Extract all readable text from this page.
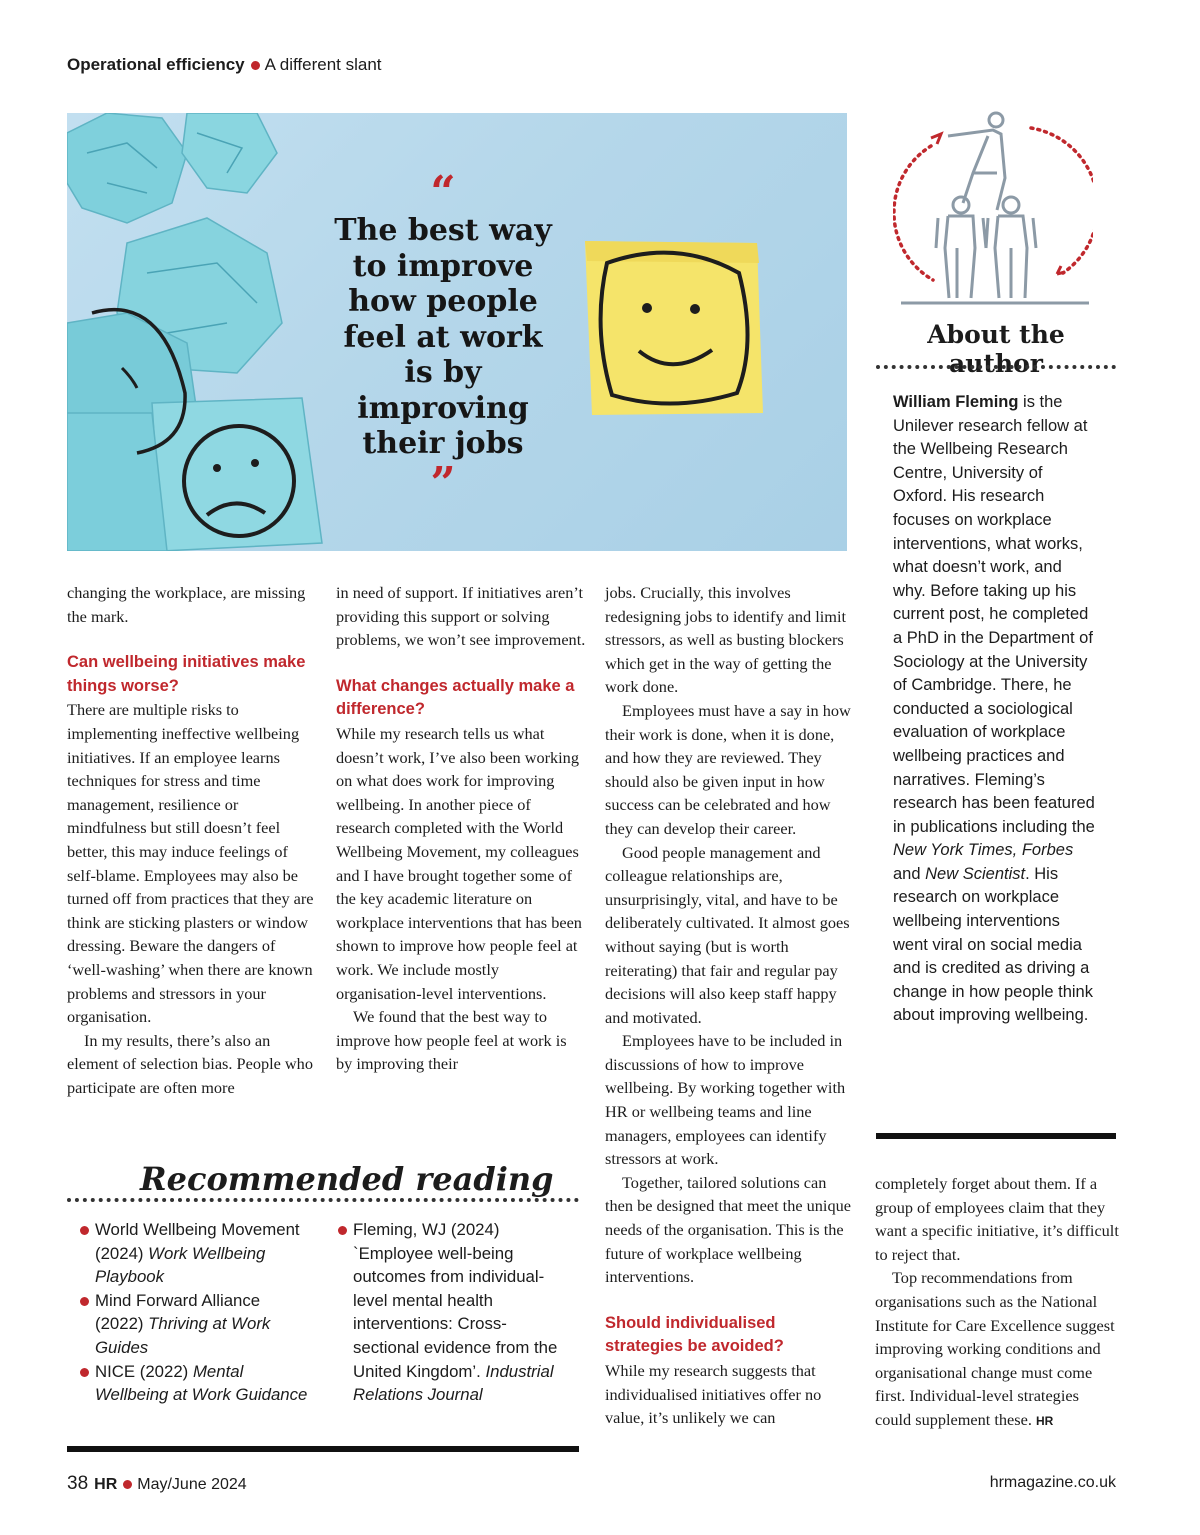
Operational efficiency A different slant
“
The best way to improve how people feel at work is by improving their jobs
”
About the author
William Fleming is the Unilever research fellow at the Wellbeing Research Centre, University of Oxford. His research focuses on workplace interventions, what works, what doesn’t work, and why. Before taking up his current post, he completed a PhD in the Department of Sociology at the University of Cambridge. There, he conducted a sociological evaluation of workplace wellbeing practices and narratives. Fleming’s research has been featured in publications including the New York Times, Forbes and New Scientist. His research on workplace wellbeing interventions went viral on social media and is credited as driving a change in how people think about improving wellbeing.

changing the workplace, are missing the mark.

Can wellbeing initiatives make things worse?

There are multiple risks to implementing ineffective wellbeing initiatives. If an employee learns techniques for stress and time management, resilience or mindfulness but still doesn’t feel better, this may induce feelings of self-blame. Employees may also be turned off from practices that they are think are sticking plasters or window dressing. Beware the dangers of ‘well-washing’ when there are known problems and stressors in your organisation.

In my results, there’s also an element of selection bias. People who participate are often more

in need of support. If initiatives aren’t providing this support or solving problems, we won’t see improvement.

What changes actually make a difference?

While my research tells us what doesn’t work, I’ve also been working on what does work for improving wellbeing. In another piece of research completed with the World Wellbeing Movement, my colleagues and I have brought together some of the key academic literature on workplace interventions that has been shown to improve how people feel at work. We include mostly organisation-level interventions.

We found that the best way to improve how people feel at work is by improving their

jobs. Crucially, this involves redesigning jobs to identify and limit stressors, as well as busting blockers which get in the way of getting the work done.

Employees must have a say in how their work is done, when it is done, and how they are reviewed. They should also be given input in how success can be celebrated and how they can develop their career.

Good people management and colleague relationships are, unsurprisingly, vital, and have to be deliberately cultivated. It almost goes without saying (but is worth reiterating) that fair and regular pay decisions will also keep staff happy and motivated.

Employees have to be included in discussions of how to improve wellbeing. By working together with HR or wellbeing teams and line managers, employees can identify stressors at work.

Together, tailored solutions can then be designed that meet the unique needs of the organisation. This is the future of workplace wellbeing interventions.

Should individualised strategies be avoided?

While my research suggests that individualised initiatives offer no value, it’s unlikely we can

completely forget about them. If a group of employees claim that they want a specific initiative, it’s difficult to reject that.

Top recommendations from organisations such as the National Institute for Care Excellence suggest improving working conditions and organisational change must come first. Individual-level strategies could supplement these. HR

Recommended reading
World Wellbeing Movement (2024) Work Wellbeing Playbook
Mind Forward Alliance (2022) Thriving at Work Guides
NICE (2022) Mental Wellbeing at Work Guidance
Fleming, WJ (2024) `Employee well-being outcomes from individual-level mental health interventions: Cross-sectional evidence from the United Kingdom’. Industrial Relations Journal
38 HR May/June 2024	hrmagazine.co.uk
